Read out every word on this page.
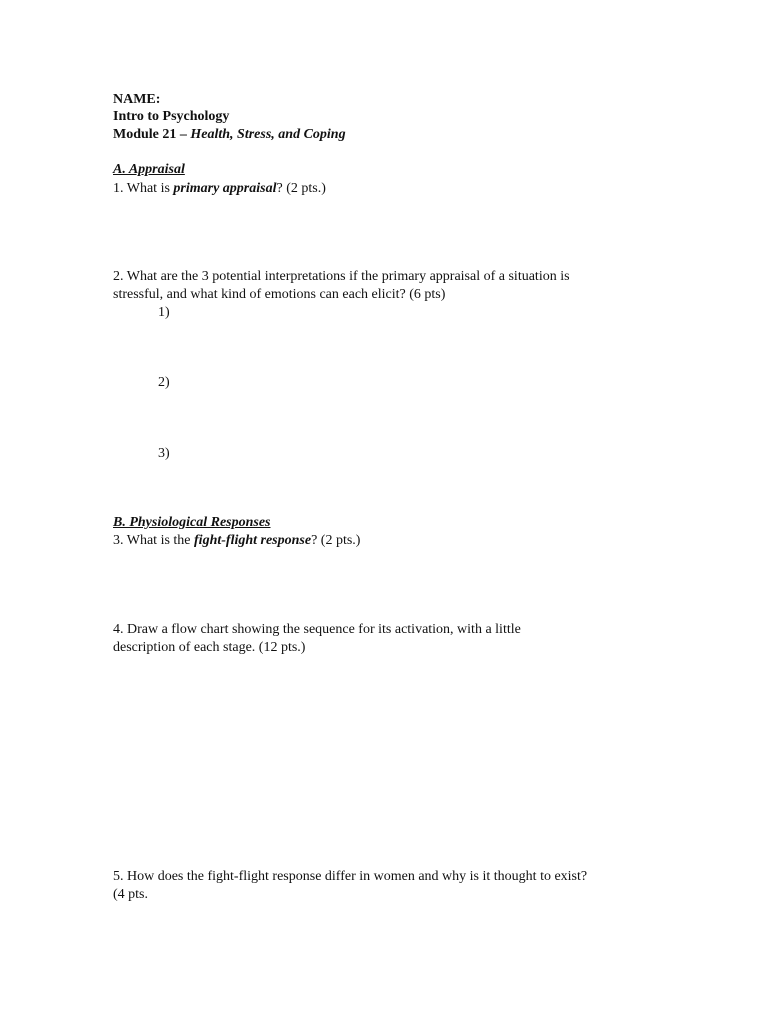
NAME:
Intro to Psychology
Module 21 – Health, Stress, and Coping
A. Appraisal
1. What is primary appraisal? (2 pts.)
2. What are the 3 potential interpretations if the primary appraisal of a situation is
stressful, and what kind of emotions can each elicit? (6 pts)
1)
2)
3)
B. Physiological Responses
3. What is the fight-flight response? (2 pts.)
4. Draw a flow chart showing the sequence for its activation, with a little
description of each stage. (12 pts.)
5. How does the fight-flight response differ in women and why is it thought to exist?
(4 pts.
